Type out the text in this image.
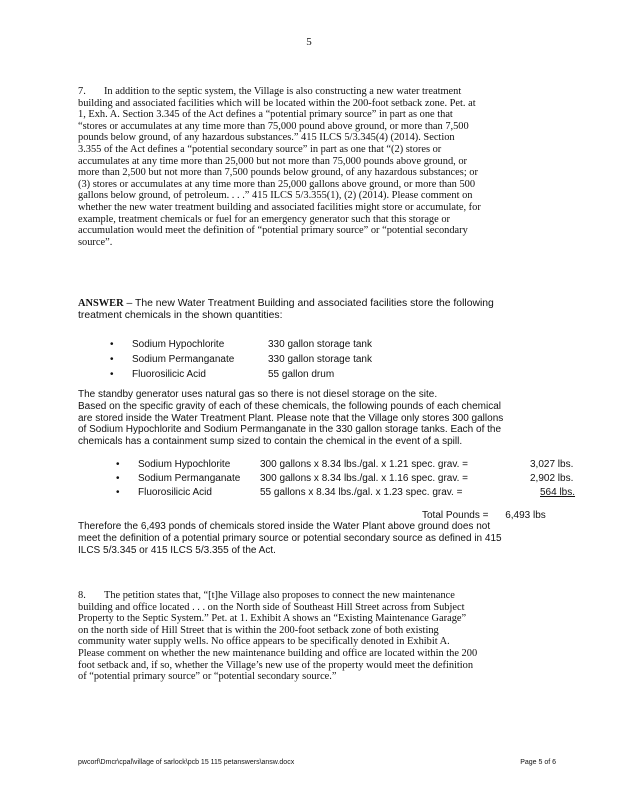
5
7.       In addition to the septic system, the Village is also constructing a new water treatment
building and associated facilities which will be located within the 200-foot setback zone. Pet. at
1, Exh. A. Section 3.345 of the Act defines a “potential primary source” in part as one that
“stores or accumulates at any time more than 75,000 pound above ground, or more than 7,500
pounds below ground, of any hazardous substances.” 415 ILCS 5/3.345(4) (2014). Section
3.355 of the Act defines a “potential secondary source” in part as one that “(2) stores or
accumulates at any time more than 25,000 but not more than 75,000 pounds above ground, or
more than 2,500 but not more than 7,500 pounds below ground, of any hazardous substances; or
(3) stores or accumulates at any time more than 25,000 gallons above ground, or more than 500
gallons below ground, of petroleum. . . .” 415 ILCS 5/3.355(1), (2) (2014). Please comment on
whether the new water treatment building and associated facilities might store or accumulate, for
example, treatment chemicals or fuel for an emergency generator such that this storage or
accumulation would meet the definition of “potential primary source” or “potential secondary
source”.
ANSWER – The new Water Treatment Building and associated facilities store the following
treatment chemicals in the shown quantities:
•	Sodium Hypochlorite	330 gallon storage tank
•	Sodium Permanganate	330 gallon storage tank
•	Fluorosilicic Acid	55 gallon drum
The standby generator uses natural gas so there is not diesel storage on the site.
Based on the specific gravity of each of these chemicals, the following pounds of each chemical
are stored inside the Water Treatment Plant. Please note that the Village only stores 300 gallons
of Sodium Hypochlorite and Sodium Permanganate in the 330 gallon storage tanks. Each of the
chemicals has a containment sump sized to contain the chemical in the event of a spill.
•	Sodium Hypochlorite	300 gallons x 8.34 lbs./gal. x 1.21 spec. grav. =	3,027 lbs.
•	Sodium Permanganate	300 gallons x 8.34 lbs./gal. x 1.16 spec. grav. =	2,902 lbs.
•	Fluorosilicic Acid	55 gallons x 8.34 lbs./gal. x 1.23 spec. grav. =	564 lbs.
Total Pounds = 6,493 lbs
Therefore the 6,493 ponds of chemicals stored inside the Water Plant above ground does not
meet the definition of a potential primary source or potential secondary source as defined in 415
ILCS 5/3.345 or 415 ILCS 5/3.355 of the Act.
8.       The petition states that, “[t]he Village also proposes to connect the new maintenance
building and office located . . . on the North side of Southeast Hill Street across from Subject
Property to the Septic System.” Pet. at 1. Exhibit A shows an “Existing Maintenance Garage”
on the north side of Hill Street that is within the 200-foot setback zone of both existing
community water supply wells. No office appears to be specifically denoted in Exhibit A.
Please comment on whether the new maintenance building and office are located within the 200
foot setback and, if so, whether the Village’s new use of the property would meet the definition
of “potential primary source” or “potential secondary source.”
pwcorf\Dmcr\cpal\village of sarlock\pcb 15 115 petanswers\answ.docx	Page 5 of 6
